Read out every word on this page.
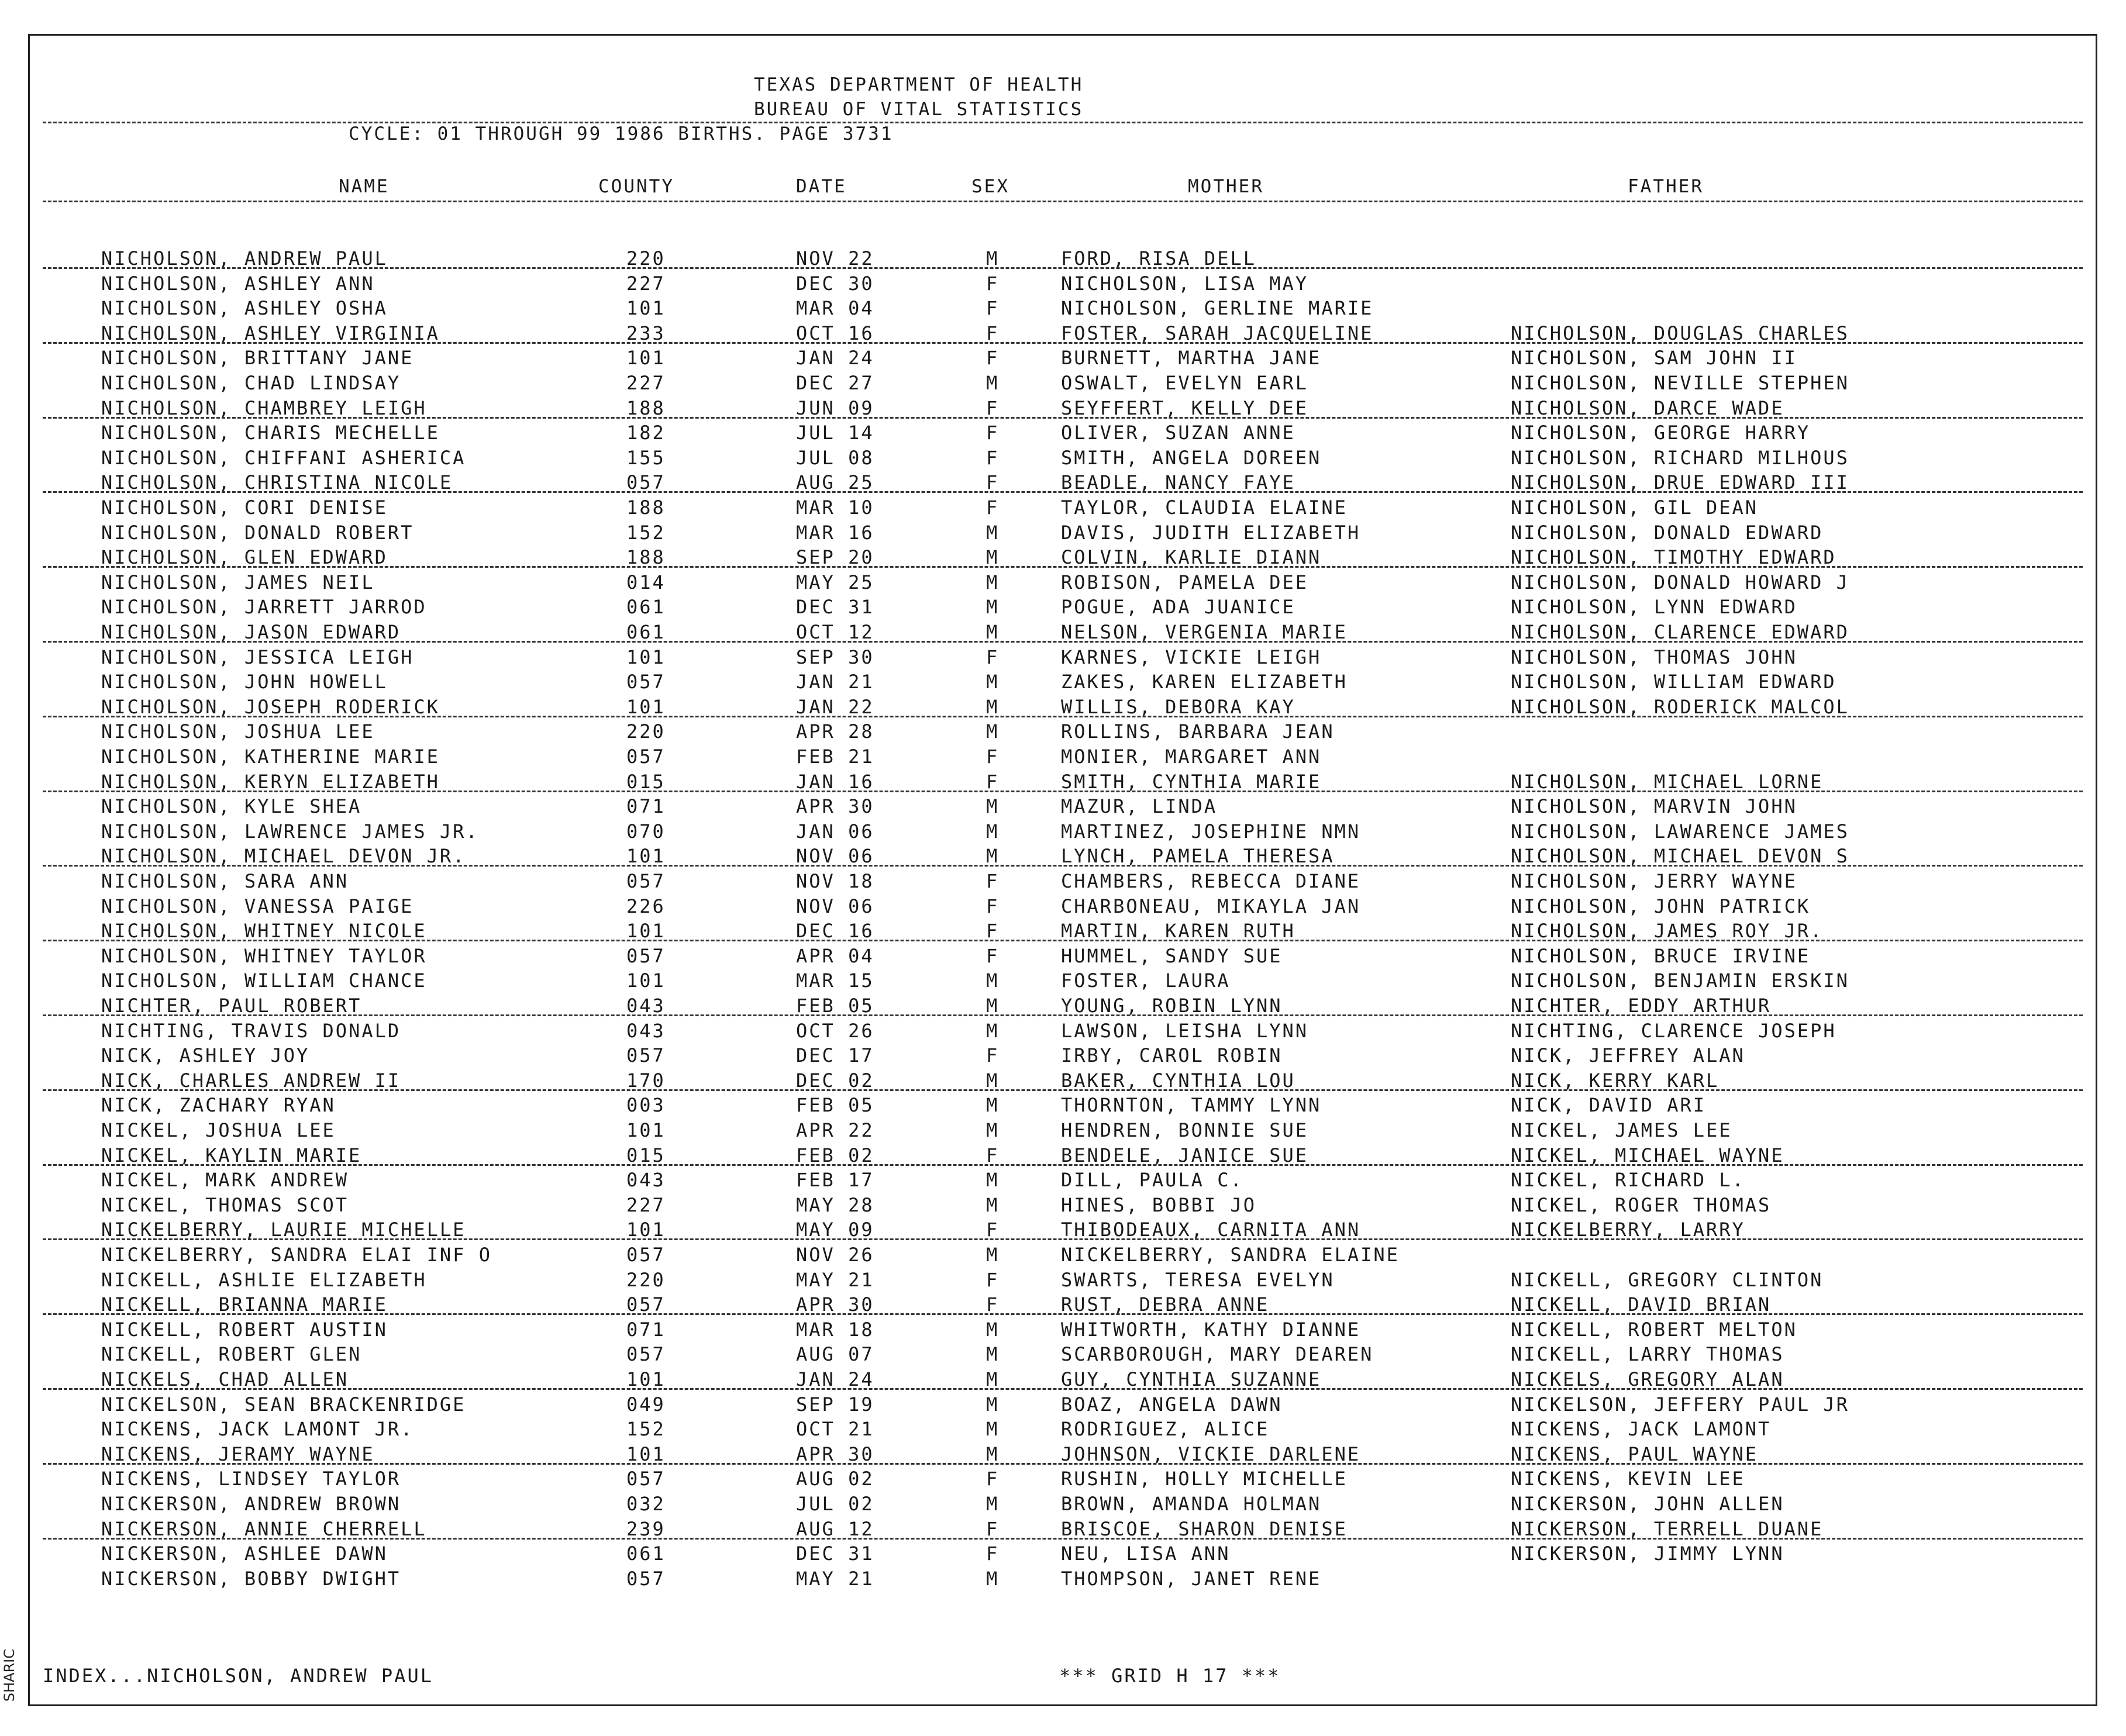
SHARIC
TEXAS DEPARTMENT OF HEALTH
BUREAU OF VITAL STATISTICS
CYCLE: 01 THROUGH 99 1986 BIRTHS. PAGE 3731
NAME	COUNTY	DATE	SEX	MOTHER	FATHER
NICHOLSON, ANDREW PAUL	220	NOV 22	M	FORD, RISA DELL
NICHOLSON, ASHLEY ANN	227	DEC 30	F	NICHOLSON, LISA MAY
NICHOLSON, ASHLEY OSHA	101	MAR 04	F	NICHOLSON, GERLINE MARIE
NICHOLSON, ASHLEY VIRGINIA	233	OCT 16	F	FOSTER, SARAH JACQUELINE	NICHOLSON, DOUGLAS CHARLES
NICHOLSON, BRITTANY JANE	101	JAN 24	F	BURNETT, MARTHA JANE	NICHOLSON, SAM JOHN II
NICHOLSON, CHAD LINDSAY	227	DEC 27	M	OSWALT, EVELYN EARL	NICHOLSON, NEVILLE STEPHEN
NICHOLSON, CHAMBREY LEIGH	188	JUN 09	F	SEYFFERT, KELLY DEE	NICHOLSON, DARCE WADE
NICHOLSON, CHARIS MECHELLE	182	JUL 14	F	OLIVER, SUZAN ANNE	NICHOLSON, GEORGE HARRY
NICHOLSON, CHIFFANI ASHERICA	155	JUL 08	F	SMITH, ANGELA DOREEN	NICHOLSON, RICHARD MILHOUS
NICHOLSON, CHRISTINA NICOLE	057	AUG 25	F	BEADLE, NANCY FAYE	NICHOLSON, DRUE EDWARD III
NICHOLSON, CORI DENISE	188	MAR 10	F	TAYLOR, CLAUDIA ELAINE	NICHOLSON, GIL DEAN
NICHOLSON, DONALD ROBERT	152	MAR 16	M	DAVIS, JUDITH ELIZABETH	NICHOLSON, DONALD EDWARD
NICHOLSON, GLEN EDWARD	188	SEP 20	M	COLVIN, KARLIE DIANN	NICHOLSON, TIMOTHY EDWARD
NICHOLSON, JAMES NEIL	014	MAY 25	M	ROBISON, PAMELA DEE	NICHOLSON, DONALD HOWARD J
NICHOLSON, JARRETT JARROD	061	DEC 31	M	POGUE, ADA JUANICE	NICHOLSON, LYNN EDWARD
NICHOLSON, JASON EDWARD	061	OCT 12	M	NELSON, VERGENIA MARIE	NICHOLSON, CLARENCE EDWARD
NICHOLSON, JESSICA LEIGH	101	SEP 30	F	KARNES, VICKIE LEIGH	NICHOLSON, THOMAS JOHN
NICHOLSON, JOHN HOWELL	057	JAN 21	M	ZAKES, KAREN ELIZABETH	NICHOLSON, WILLIAM EDWARD
NICHOLSON, JOSEPH RODERICK	101	JAN 22	M	WILLIS, DEBORA KAY	NICHOLSON, RODERICK MALCOL
NICHOLSON, JOSHUA LEE	220	APR 28	M	ROLLINS, BARBARA JEAN
NICHOLSON, KATHERINE MARIE	057	FEB 21	F	MONIER, MARGARET ANN
NICHOLSON, KERYN ELIZABETH	015	JAN 16	F	SMITH, CYNTHIA MARIE	NICHOLSON, MICHAEL LORNE
NICHOLSON, KYLE SHEA	071	APR 30	M	MAZUR, LINDA	NICHOLSON, MARVIN JOHN
NICHOLSON, LAWRENCE JAMES JR.	070	JAN 06	M	MARTINEZ, JOSEPHINE NMN	NICHOLSON, LAWARENCE JAMES
NICHOLSON, MICHAEL DEVON JR.	101	NOV 06	M	LYNCH, PAMELA THERESA	NICHOLSON, MICHAEL DEVON S
NICHOLSON, SARA ANN	057	NOV 18	F	CHAMBERS, REBECCA DIANE	NICHOLSON, JERRY WAYNE
NICHOLSON, VANESSA PAIGE	226	NOV 06	F	CHARBONEAU, MIKAYLA JAN	NICHOLSON, JOHN PATRICK
NICHOLSON, WHITNEY NICOLE	101	DEC 16	F	MARTIN, KAREN RUTH	NICHOLSON, JAMES ROY JR.
NICHOLSON, WHITNEY TAYLOR	057	APR 04	F	HUMMEL, SANDY SUE	NICHOLSON, BRUCE IRVINE
NICHOLSON, WILLIAM CHANCE	101	MAR 15	M	FOSTER, LAURA	NICHOLSON, BENJAMIN ERSKIN
NICHTER, PAUL ROBERT	043	FEB 05	M	YOUNG, ROBIN LYNN	NICHTER, EDDY ARTHUR
NICHTING, TRAVIS DONALD	043	OCT 26	M	LAWSON, LEISHA LYNN	NICHTING, CLARENCE JOSEPH
NICK, ASHLEY JOY	057	DEC 17	F	IRBY, CAROL ROBIN	NICK, JEFFREY ALAN
NICK, CHARLES ANDREW II	170	DEC 02	M	BAKER, CYNTHIA LOU	NICK, KERRY KARL
NICK, ZACHARY RYAN	003	FEB 05	M	THORNTON, TAMMY LYNN	NICK, DAVID ARI
NICKEL, JOSHUA LEE	101	APR 22	M	HENDREN, BONNIE SUE	NICKEL, JAMES LEE
NICKEL, KAYLIN MARIE	015	FEB 02	F	BENDELE, JANICE SUE	NICKEL, MICHAEL WAYNE
NICKEL, MARK ANDREW	043	FEB 17	M	DILL, PAULA C.	NICKEL, RICHARD L.
NICKEL, THOMAS SCOT	227	MAY 28	M	HINES, BOBBI JO	NICKEL, ROGER THOMAS
NICKELBERRY, LAURIE MICHELLE	101	MAY 09	F	THIBODEAUX, CARNITA ANN	NICKELBERRY, LARRY
NICKELBERRY, SANDRA ELAI INF O	057	NOV 26	M	NICKELBERRY, SANDRA ELAINE
NICKELL, ASHLIE ELIZABETH	220	MAY 21	F	SWARTS, TERESA EVELYN	NICKELL, GREGORY CLINTON
NICKELL, BRIANNA MARIE	057	APR 30	F	RUST, DEBRA ANNE	NICKELL, DAVID BRIAN
NICKELL, ROBERT AUSTIN	071	MAR 18	M	WHITWORTH, KATHY DIANNE	NICKELL, ROBERT MELTON
NICKELL, ROBERT GLEN	057	AUG 07	M	SCARBOROUGH, MARY DEAREN	NICKELL, LARRY THOMAS
NICKELS, CHAD ALLEN	101	JAN 24	M	GUY, CYNTHIA SUZANNE	NICKELS, GREGORY ALAN
NICKELSON, SEAN BRACKENRIDGE	049	SEP 19	M	BOAZ, ANGELA DAWN	NICKELSON, JEFFERY PAUL JR
NICKENS, JACK LAMONT JR.	152	OCT 21	M	RODRIGUEZ, ALICE	NICKENS, JACK LAMONT
NICKENS, JERAMY WAYNE	101	APR 30	M	JOHNSON, VICKIE DARLENE	NICKENS, PAUL WAYNE
NICKENS, LINDSEY TAYLOR	057	AUG 02	F	RUSHIN, HOLLY MICHELLE	NICKENS, KEVIN LEE
NICKERSON, ANDREW BROWN	032	JUL 02	M	BROWN, AMANDA HOLMAN	NICKERSON, JOHN ALLEN
NICKERSON, ANNIE CHERRELL	239	AUG 12	F	BRISCOE, SHARON DENISE	NICKERSON, TERRELL DUANE
NICKERSON, ASHLEE DAWN	061	DEC 31	F	NEU, LISA ANN	NICKERSON, JIMMY LYNN
NICKERSON, BOBBY DWIGHT	057	MAY 21	M	THOMPSON, JANET RENE
INDEX...NICHOLSON, ANDREW PAUL	*** GRID H 17 ***
